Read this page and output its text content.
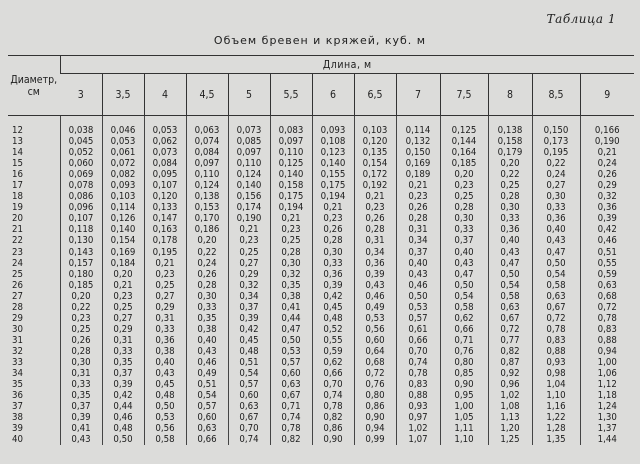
Таблица 1
Объем бревен и кряжей, куб. м
Диаметр,
см	Длина, м												
	3	3,5	4	4,5	5	5,5	6	6,5	7	7,5	8	8,5	9
12	0,038	0,046	0,053	0,063	0,073	0,083	0,093	0,103	0,114	0,125	0,138	0,150	0,166
13	0,045	0,053	0,062	0,074	0,085	0,097	0,108	0,120	0,132	0,144	0,158	0,173	0,190
14	0,052	0,061	0,073	0,084	0,097	0,110	0,123	0,135	0,150	0,164	0,179	0,195	0,21
15	0,060	0,072	0,084	0,097	0,110	0,125	0,140	0,154	0,169	0,185	0,20	0,22	0,24
16	0,069	0,082	0,095	0,110	0,124	0,140	0,155	0,172	0,189	0,20	0,22	0,24	0,26
17	0,078	0,093	0,107	0,124	0,140	0,158	0,175	0,192	0,21	0,23	0,25	0,27	0,29
18	0,086	0,103	0,120	0,138	0,156	0,175	0,194	0,21	0,23	0,25	0,28	0,30	0,32
19	0,096	0,114	0,133	0,153	0,174	0,194	0,21	0,23	0,26	0,28	0,30	0,33	0,36
20	0,107	0,126	0,147	0,170	0,190	0,21	0,23	0,26	0,28	0,30	0,33	0,36	0,39
21	0,118	0,140	0,163	0,186	0,21	0,23	0,26	0,28	0,31	0,33	0,36	0,40	0,42
22	0,130	0,154	0,178	0,20	0,23	0,25	0,28	0,31	0,34	0,37	0,40	0,43	0,46
23	0,143	0,169	0,195	0,22	0,25	0,28	0,30	0,34	0,37	0,40	0,43	0,47	0,51
24	0,157	0,184	0,21	0,24	0,27	0,30	0,33	0,36	0,40	0,43	0,47	0,50	0,55
25	0,180	0,20	0,23	0,26	0,29	0,32	0,36	0,39	0,43	0,47	0,50	0,54	0,59
26	0,185	0,21	0,25	0,28	0,32	0,35	0,39	0,43	0,46	0,50	0,54	0,58	0,63
27	0,20	0,23	0,27	0,30	0,34	0,38	0,42	0,46	0,50	0,54	0,58	0,63	0,68
28	0,22	0,25	0,29	0,33	0,37	0,41	0,45	0,49	0,53	0,58	0,63	0,67	0,72
29	0,23	0,27	0,31	0,35	0,39	0,44	0,48	0,53	0,57	0,62	0,67	0,72	0,78
30	0,25	0,29	0,33	0,38	0,42	0,47	0,52	0,56	0,61	0,66	0,72	0,78	0,83
31	0,26	0,31	0,36	0,40	0,45	0,50	0,55	0,60	0,66	0,71	0,77	0,83	0,88
32	0,28	0,33	0,38	0,43	0,48	0,53	0,59	0,64	0,70	0,76	0,82	0,88	0,94
33	0,30	0,35	0,40	0,46	0,51	0,57	0,62	0,68	0,74	0,80	0,87	0,93	1,00
34	0,31	0,37	0,43	0,49	0,54	0,60	0,66	0,72	0,78	0,85	0,92	0,98	1,06
35	0,33	0,39	0,45	0,51	0,57	0,63	0,70	0,76	0,83	0,90	0,96	1,04	1,12
36	0,35	0,42	0,48	0,54	0,60	0,67	0,74	0,80	0,88	0,95	1,02	1,10	1,18
37	0,37	0,44	0,50	0,57	0,63	0,71	0,78	0,86	0,93	1,00	1,08	1,16	1,24
38	0,39	0,46	0,53	0,60	0,67	0,74	0,82	0,90	0,97	1,05	1,13	1,22	1,30
39	0,41	0,48	0,56	0,63	0,70	0,78	0,86	0,94	1,02	1,11	1,20	1,28	1,37
40	0,43	0,50	0,58	0,66	0,74	0,82	0,90	0,99	1,07	1,10	1,25	1,35	1,44
